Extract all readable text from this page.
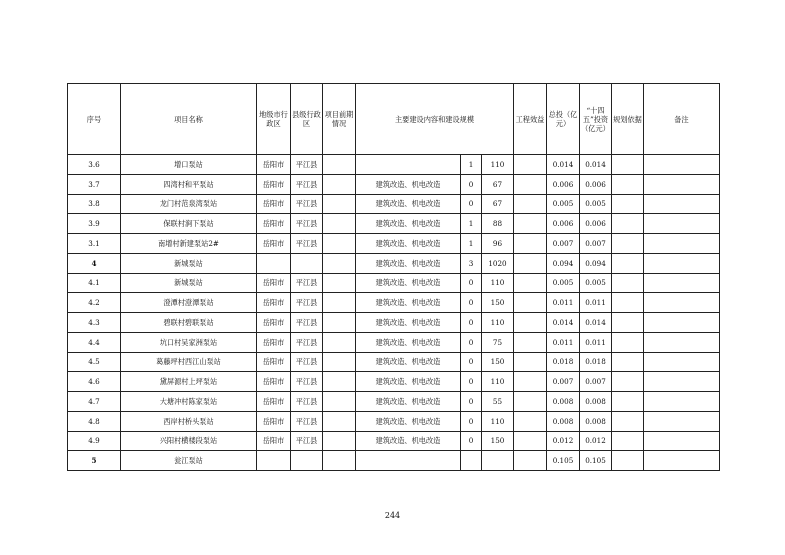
序号	项目名称	地级市行政区	县级行政区	项目前期情况	主要建设内容和建设规模			工程效益	总投（亿元）	“十四五”投资（亿元）	规划依据	备注
3.6	增口泵站	岳阳市	平江县			1	110		0.014	0.014		
3.7	四湾村和平泵站	岳阳市	平江县		建筑改造、机电改造	0	67		0.006	0.006		
3.8	龙门村范泉湾泵站	岳阳市	平江县		建筑改造、机电改造	0	67		0.005	0.005		
3.9	保联村涧下泵站	岳阳市	平江县		建筑改造、机电改造	1	88		0.006	0.006		
3.1	南增村新建泵站2#	岳阳市	平江县		建筑改造、机电改造	1	96		0.007	0.007		
4	新城泵站				建筑改造、机电改造	3	1020		0.094	0.094		
4.1	新城泵站	岳阳市	平江县		建筑改造、机电改造	0	110		0.005	0.005		
4.2	澄潭村澄潭泵站	岳阳市	平江县		建筑改造、机电改造	0	150		0.011	0.011		
4.3	碧联村碧联泵站	岳阳市	平江县		建筑改造、机电改造	0	110		0.014	0.014		
4.4	坑口村吴家洲泵站	岳阳市	平江县		建筑改造、机电改造	0	75		0.011	0.011		
4.5	葛藤坪村西江山泵站	岳阳市	平江县		建筑改造、机电改造	0	150		0.018	0.018		
4.6	黛屏源村上坪泵站	岳阳市	平江县		建筑改造、机电改造	0	110		0.007	0.007		
4.7	大塘冲村陈家泵站	岳阳市	平江县		建筑改造、机电改造	0	55		0.008	0.008		
4.8	西岸村桥头泵站	岳阳市	平江县		建筑改造、机电改造	0	110		0.008	0.008		
4.9	兴阳村横楼段泵站	岳阳市	平江县		建筑改造、机电改造	0	150		0.012	0.012		
5	瓮江泵站								0.105	0.105		
244
